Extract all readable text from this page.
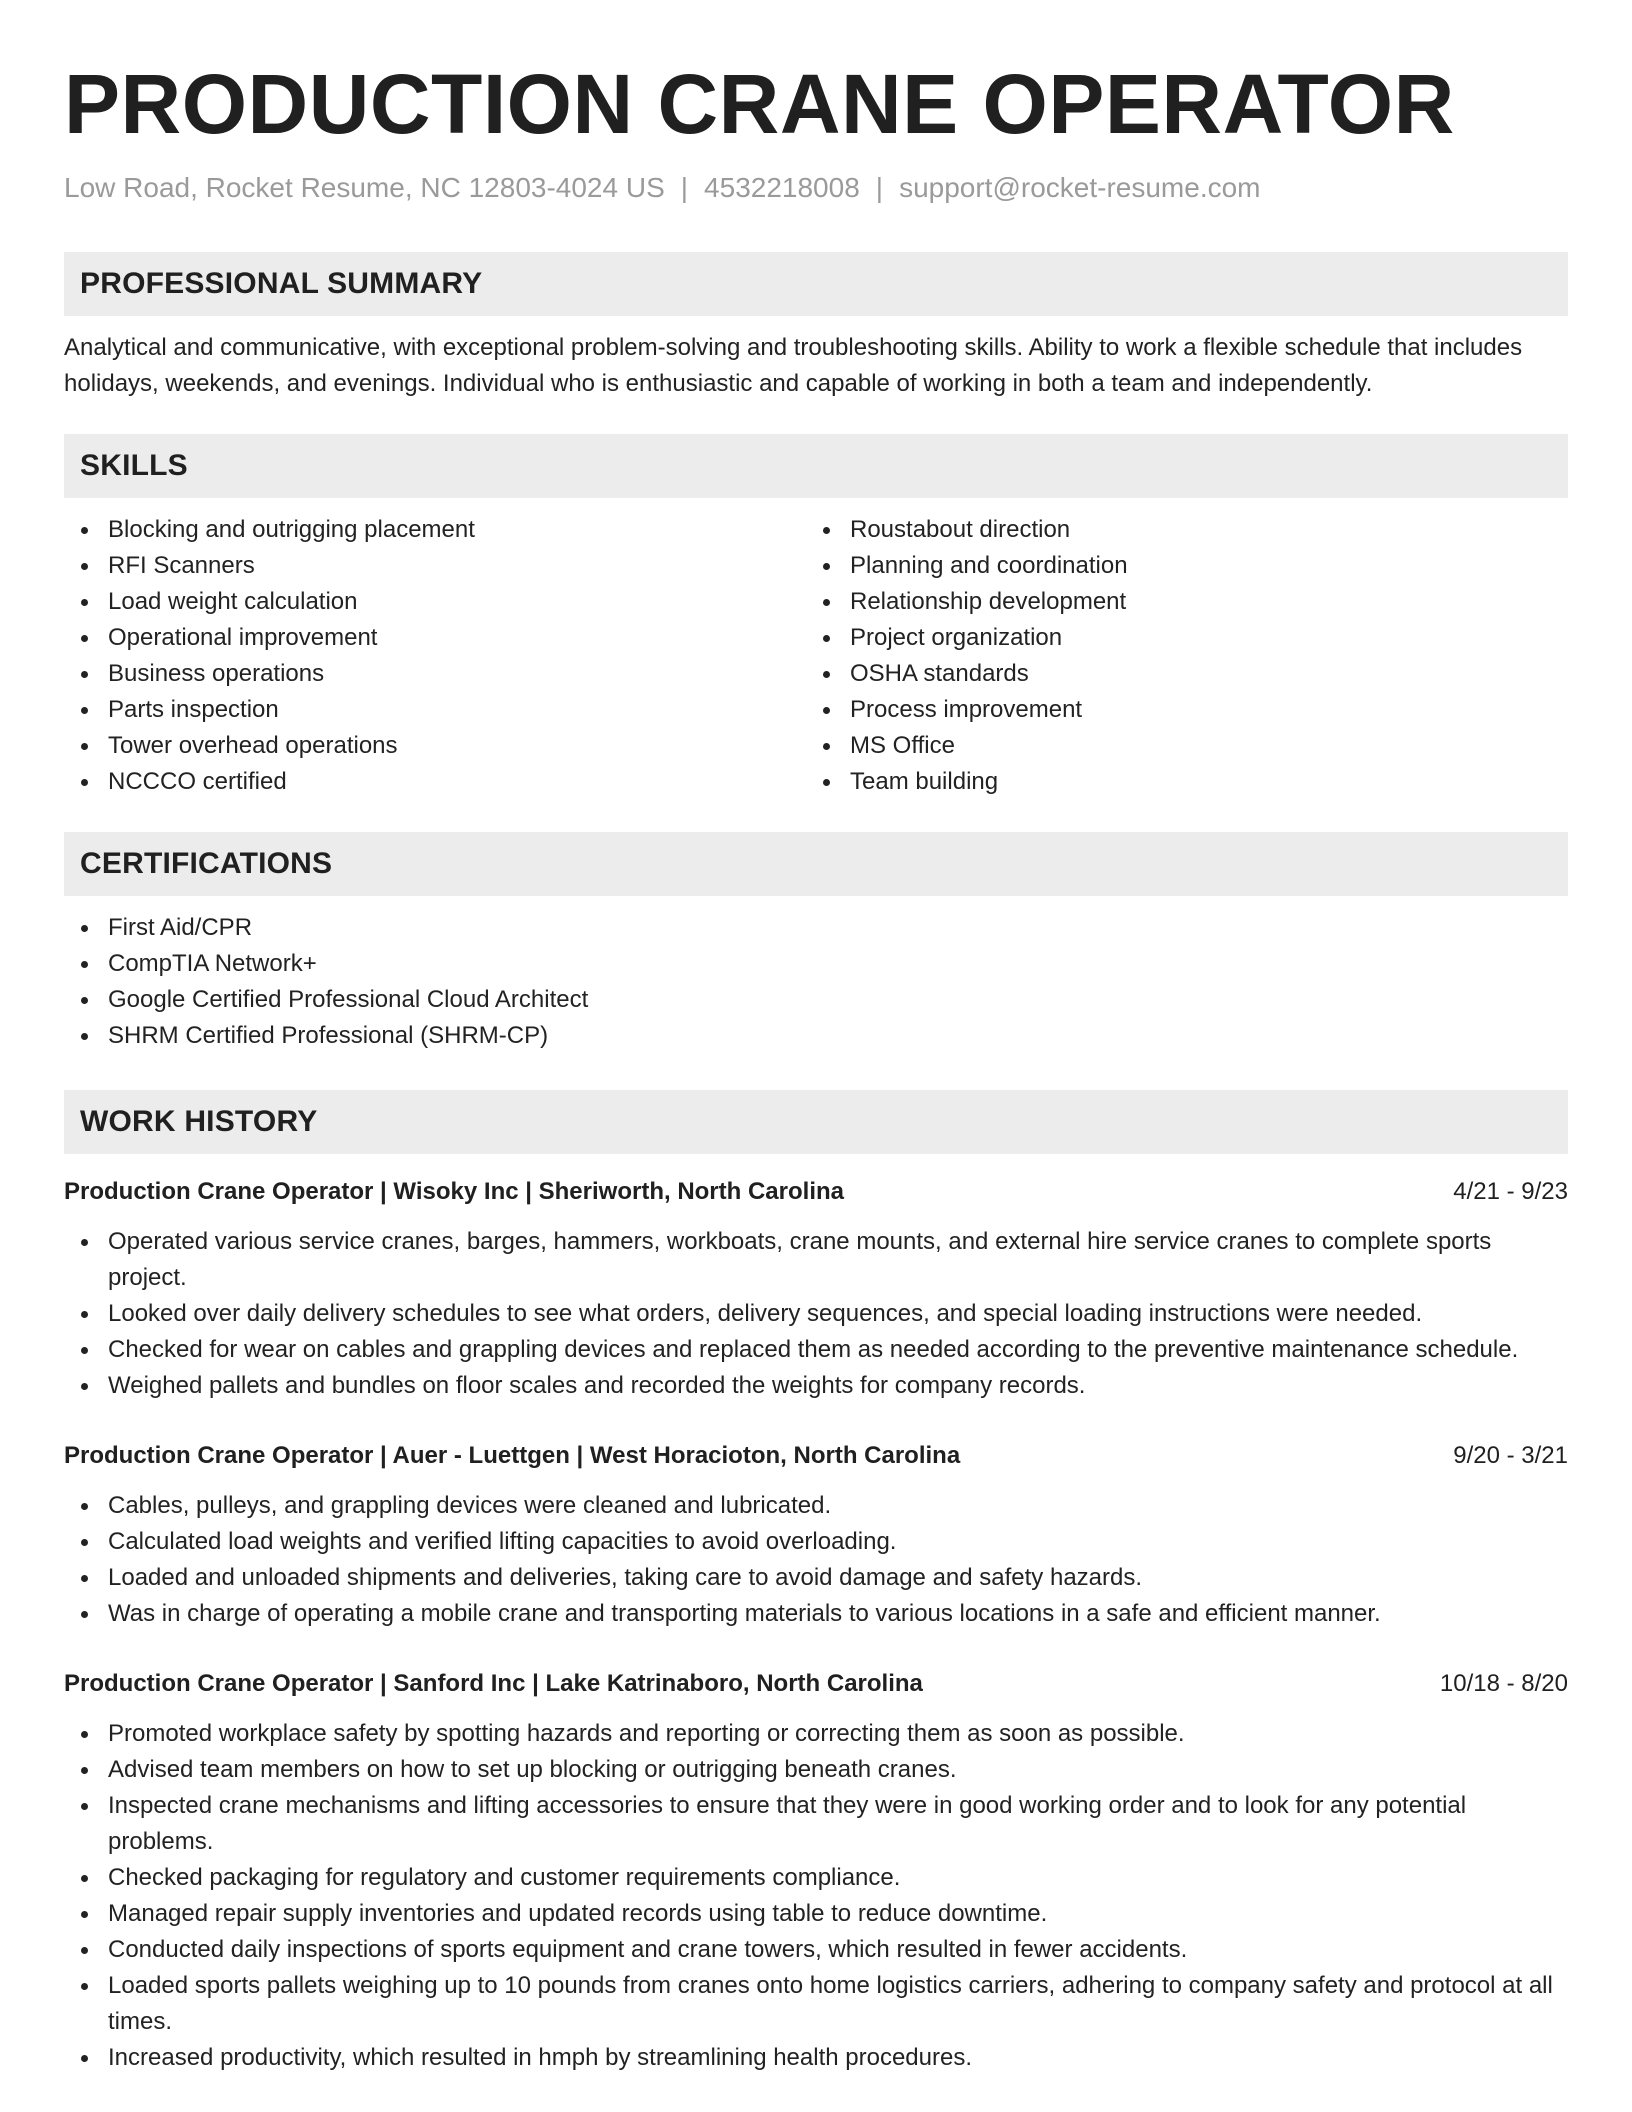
PRODUCTION CRANE OPERATOR
Low Road, Rocket Resume, NC 12803-4024 US | 4532218008 | support@rocket-resume.com
PROFESSIONAL SUMMARY
Analytical and communicative, with exceptional problem-solving and troubleshooting skills. Ability to work a flexible schedule that includes holidays, weekends, and evenings. Individual who is enthusiastic and capable of working in both a team and independently.
SKILLS
Blocking and outrigging placement
RFI Scanners
Load weight calculation
Operational improvement
Business operations
Parts inspection
Tower overhead operations
NCCCO certified
Roustabout direction
Planning and coordination
Relationship development
Project organization
OSHA standards
Process improvement
MS Office
Team building
CERTIFICATIONS
First Aid/CPR
CompTIA Network+
Google Certified Professional Cloud Architect
SHRM Certified Professional (SHRM-CP)
WORK HISTORY
Production Crane Operator | Wisoky Inc | Sheriworth, North Carolina	4/21 - 9/23
Operated various service cranes, barges, hammers, workboats, crane mounts, and external hire service cranes to complete sports project.
Looked over daily delivery schedules to see what orders, delivery sequences, and special loading instructions were needed.
Checked for wear on cables and grappling devices and replaced them as needed according to the preventive maintenance schedule.
Weighed pallets and bundles on floor scales and recorded the weights for company records.
Production Crane Operator | Auer - Luettgen | West Horacioton, North Carolina	9/20 - 3/21
Cables, pulleys, and grappling devices were cleaned and lubricated.
Calculated load weights and verified lifting capacities to avoid overloading.
Loaded and unloaded shipments and deliveries, taking care to avoid damage and safety hazards.
Was in charge of operating a mobile crane and transporting materials to various locations in a safe and efficient manner.
Production Crane Operator | Sanford Inc | Lake Katrinaboro, North Carolina	10/18 - 8/20
Promoted workplace safety by spotting hazards and reporting or correcting them as soon as possible.
Advised team members on how to set up blocking or outrigging beneath cranes.
Inspected crane mechanisms and lifting accessories to ensure that they were in good working order and to look for any potential problems.
Checked packaging for regulatory and customer requirements compliance.
Managed repair supply inventories and updated records using table to reduce downtime.
Conducted daily inspections of sports equipment and crane towers, which resulted in fewer accidents.
Loaded sports pallets weighing up to 10 pounds from cranes onto home logistics carriers, adhering to company safety and protocol at all times.
Increased productivity, which resulted in hmph by streamlining health procedures.
